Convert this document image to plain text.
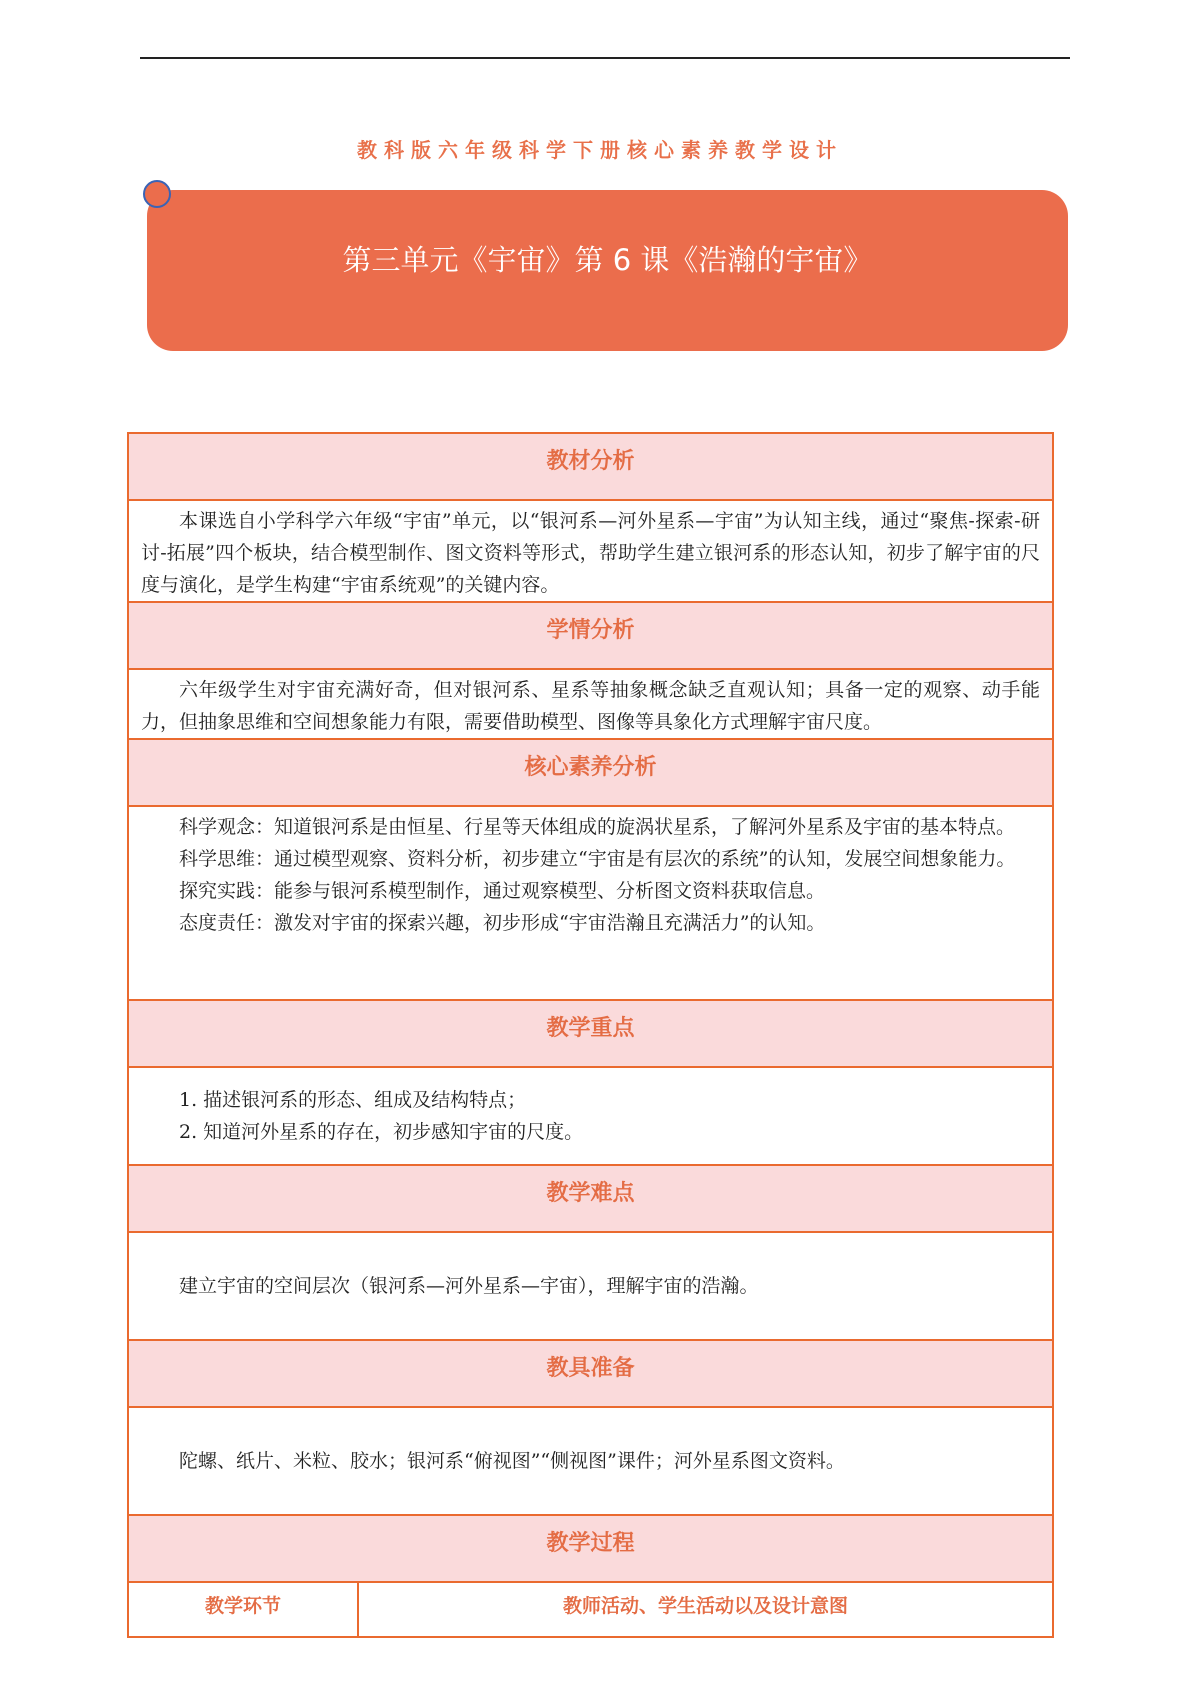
教科版六年级科学下册核心素养教学设计
第三单元《宇宙》第 6 课《浩瀚的宇宙》
教材分析

本课选自小学科学六年级“宇宙”单元，以“银河系—河外星系—宇宙”为认知主线，通过“聚焦-探索-研讨-拓展”四个板块，结合模型制作、图文资料等形式，帮助学生建立银河系的形态认知，初步了解宇宙的尺度与演化，是学生构建“宇宙系统观”的关键内容。

学情分析

六年级学生对宇宙充满好奇，但对银河系、星系等抽象概念缺乏直观认知；具备一定的观察、动手能力，但抽象思维和空间想象能力有限，需要借助模型、图像等具象化方式理解宇宙尺度。

核心素养分析

科学观念：知道银河系是由恒星、行星等天体组成的旋涡状星系，了解河外星系及宇宙的基本特点。

科学思维：通过模型观察、资料分析，初步建立“宇宙是有层次的系统”的认知，发展空间想象能力。

探究实践：能参与银河系模型制作，通过观察模型、分析图文资料获取信息。

态度责任：激发对宇宙的探索兴趣，初步形成“宇宙浩瀚且充满活力”的认知。

教学重点

1. 描述银河系的形态、组成及结构特点；

2. 知道河外星系的存在，初步感知宇宙的尺度。

教学难点

建立宇宙的空间层次（银河系—河外星系—宇宙），理解宇宙的浩瀚。

教具准备

陀螺、纸片、米粒、胶水；银河系“俯视图”“侧视图”课件；河外星系图文资料。

教学过程
教学环节	教师活动、学生活动以及设计意图
